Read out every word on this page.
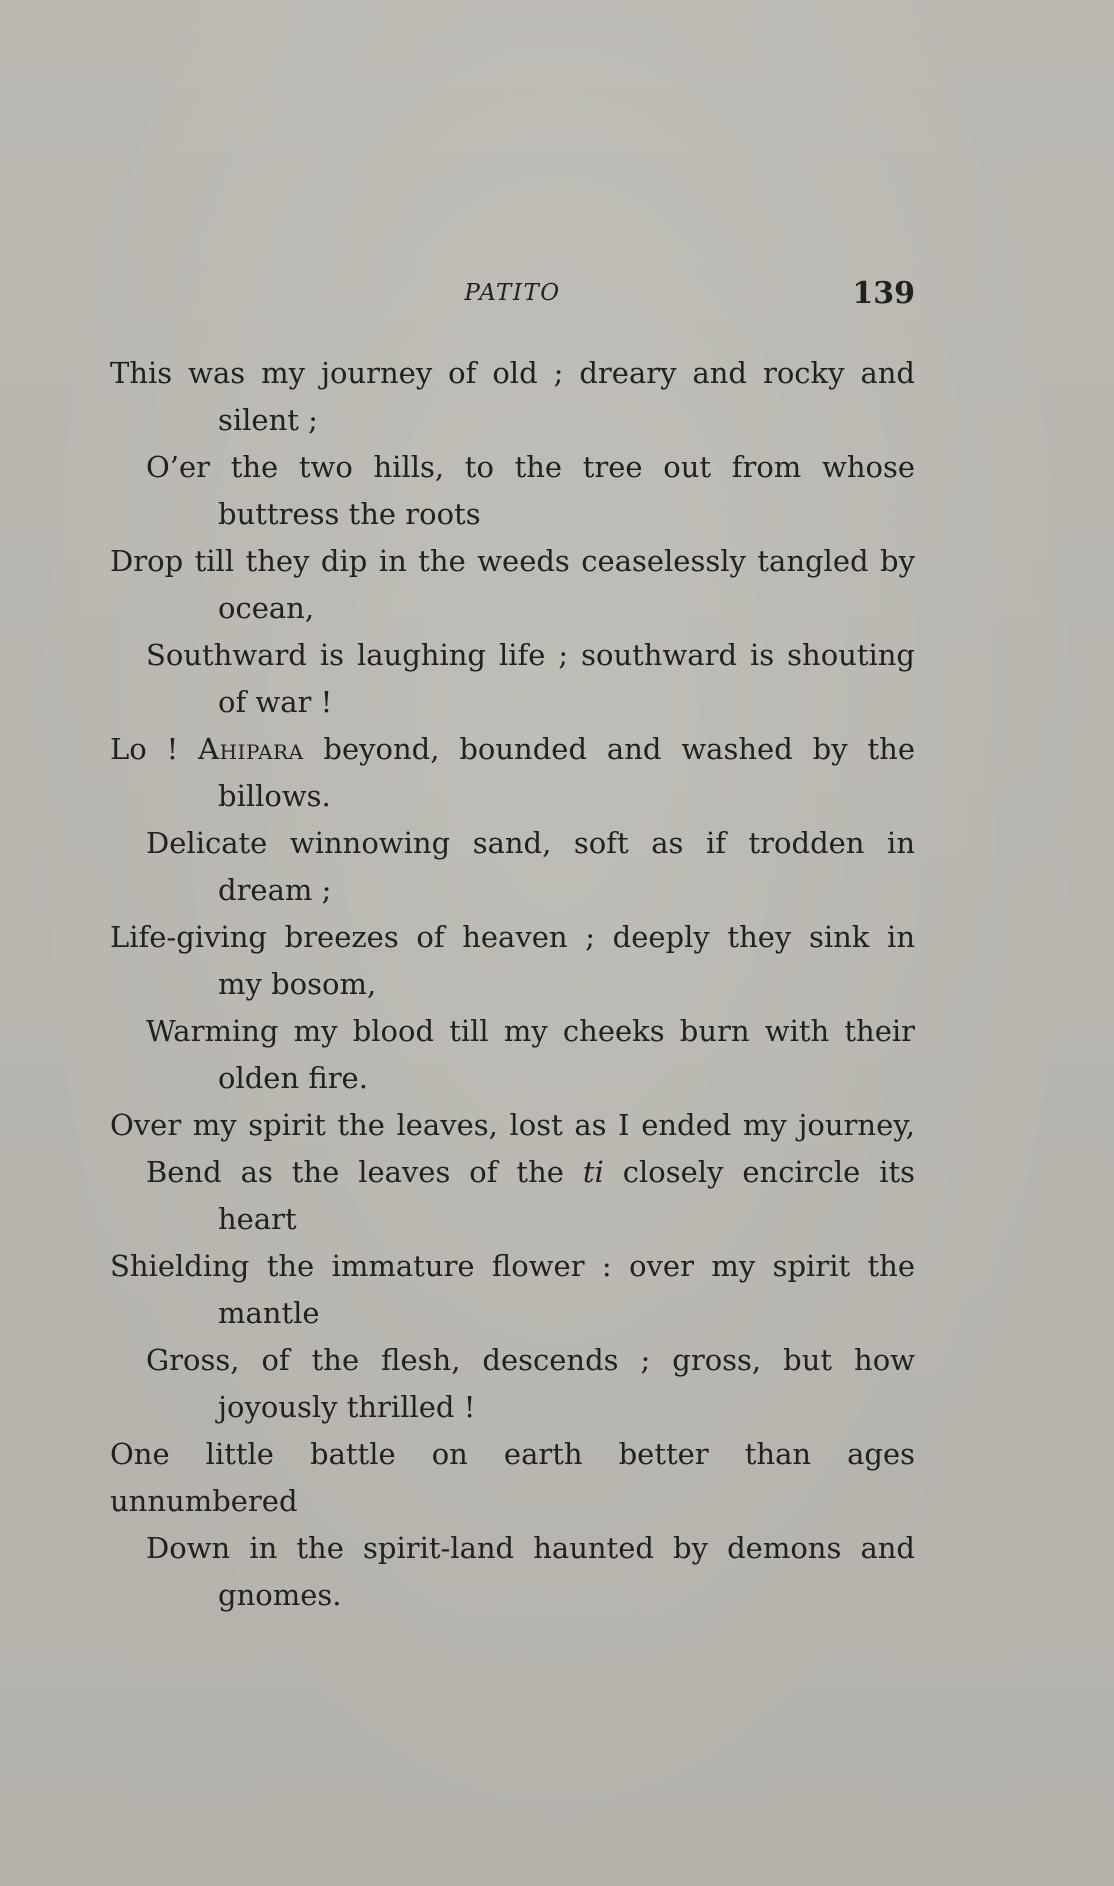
PATITO	139

This was my journey of old ; dreary and rocky and

silent ;

O’er the two hills, to the tree out from whose

buttress the roots

Drop till they dip in the weeds ceaselessly tangled by

ocean,

Southward is laughing life ; southward is shouting

of war !

Lo ! Ahipara beyond, bounded and washed by the

billows.

Delicate winnowing sand, soft as if trodden in

dream ;

Life-giving breezes of heaven ; deeply they sink in

my bosom,

Warming my blood till my cheeks burn with their

olden fire.

Over my spirit the leaves, lost as I ended my journey,

Bend as the leaves of the ti closely encircle its

heart

Shielding the immature flower : over my spirit the

mantle

Gross, of the flesh, descends ; gross, but how

joyously thrilled !

One little battle on earth better than ages unnumbered

Down in the spirit-land haunted by demons and

gnomes.
